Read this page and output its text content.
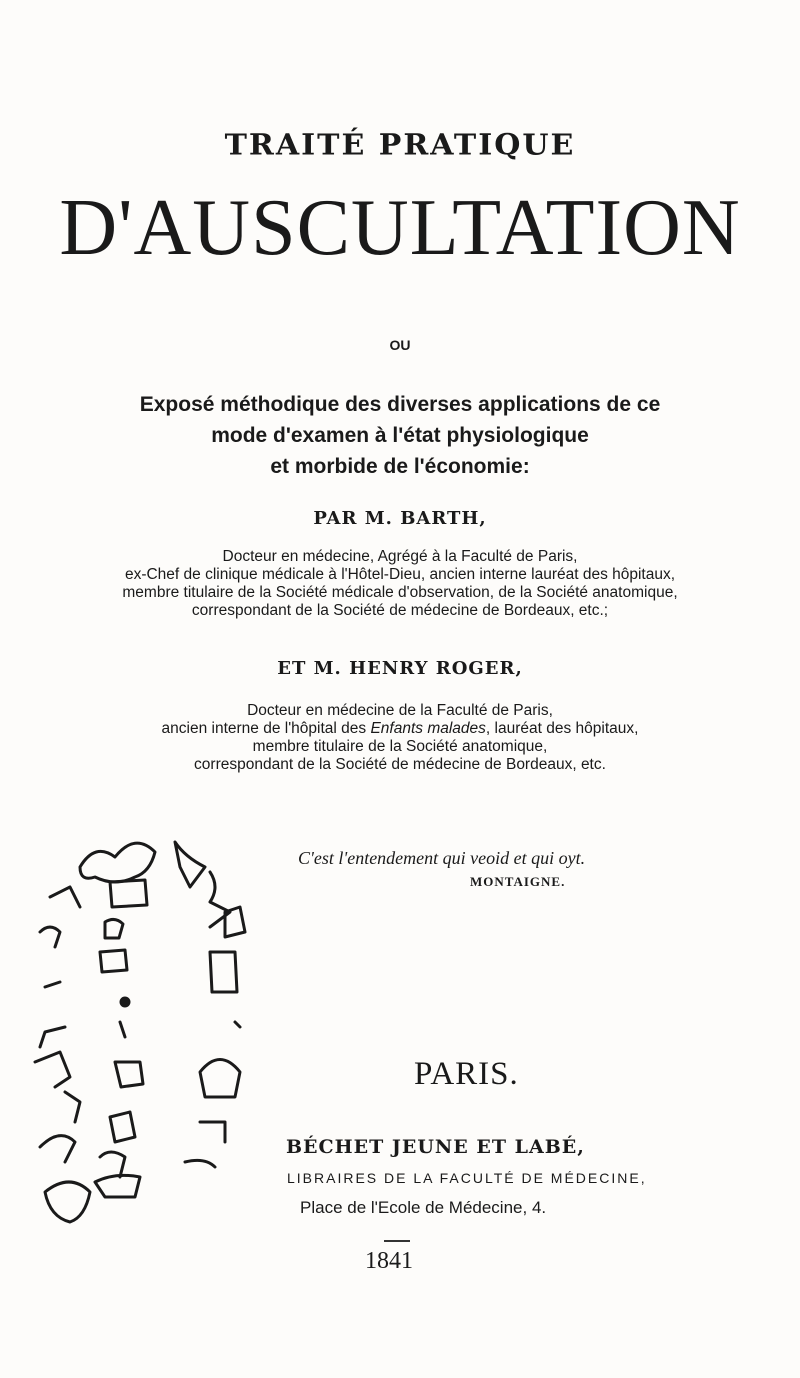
TRAITÉ PRATIQUE
D'AUSCULTATION
OU
Exposé méthodique des diverses applications de ce
mode d'examen à l'état physiologique
et morbide de l'économie:
PAR M. BARTH,
Docteur en médecine, Agrégé à la Faculté de Paris,
ex-Chef de clinique médicale à l'Hôtel-Dieu, ancien interne lauréat des hôpitaux,
membre titulaire de la Société médicale d'observation, de la Société anatomique,
correspondant de la Société de médecine de Bordeaux, etc.;
ET M. HENRY ROGER,
Docteur en médecine de la Faculté de Paris,
ancien interne de l'hôpital des Enfants malades, lauréat des hôpitaux,
membre titulaire de la Société anatomique,
correspondant de la Société de médecine de Bordeaux, etc.
C'est l'entendement qui veoid et qui oyt.
MONTAIGNE.
PARIS.
BÉCHET JEUNE ET LABÉ,
LIBRAIRES DE LA FACULTÉ DE MÉDECINE,
Place de l'Ecole de Médecine, 4.
1841
